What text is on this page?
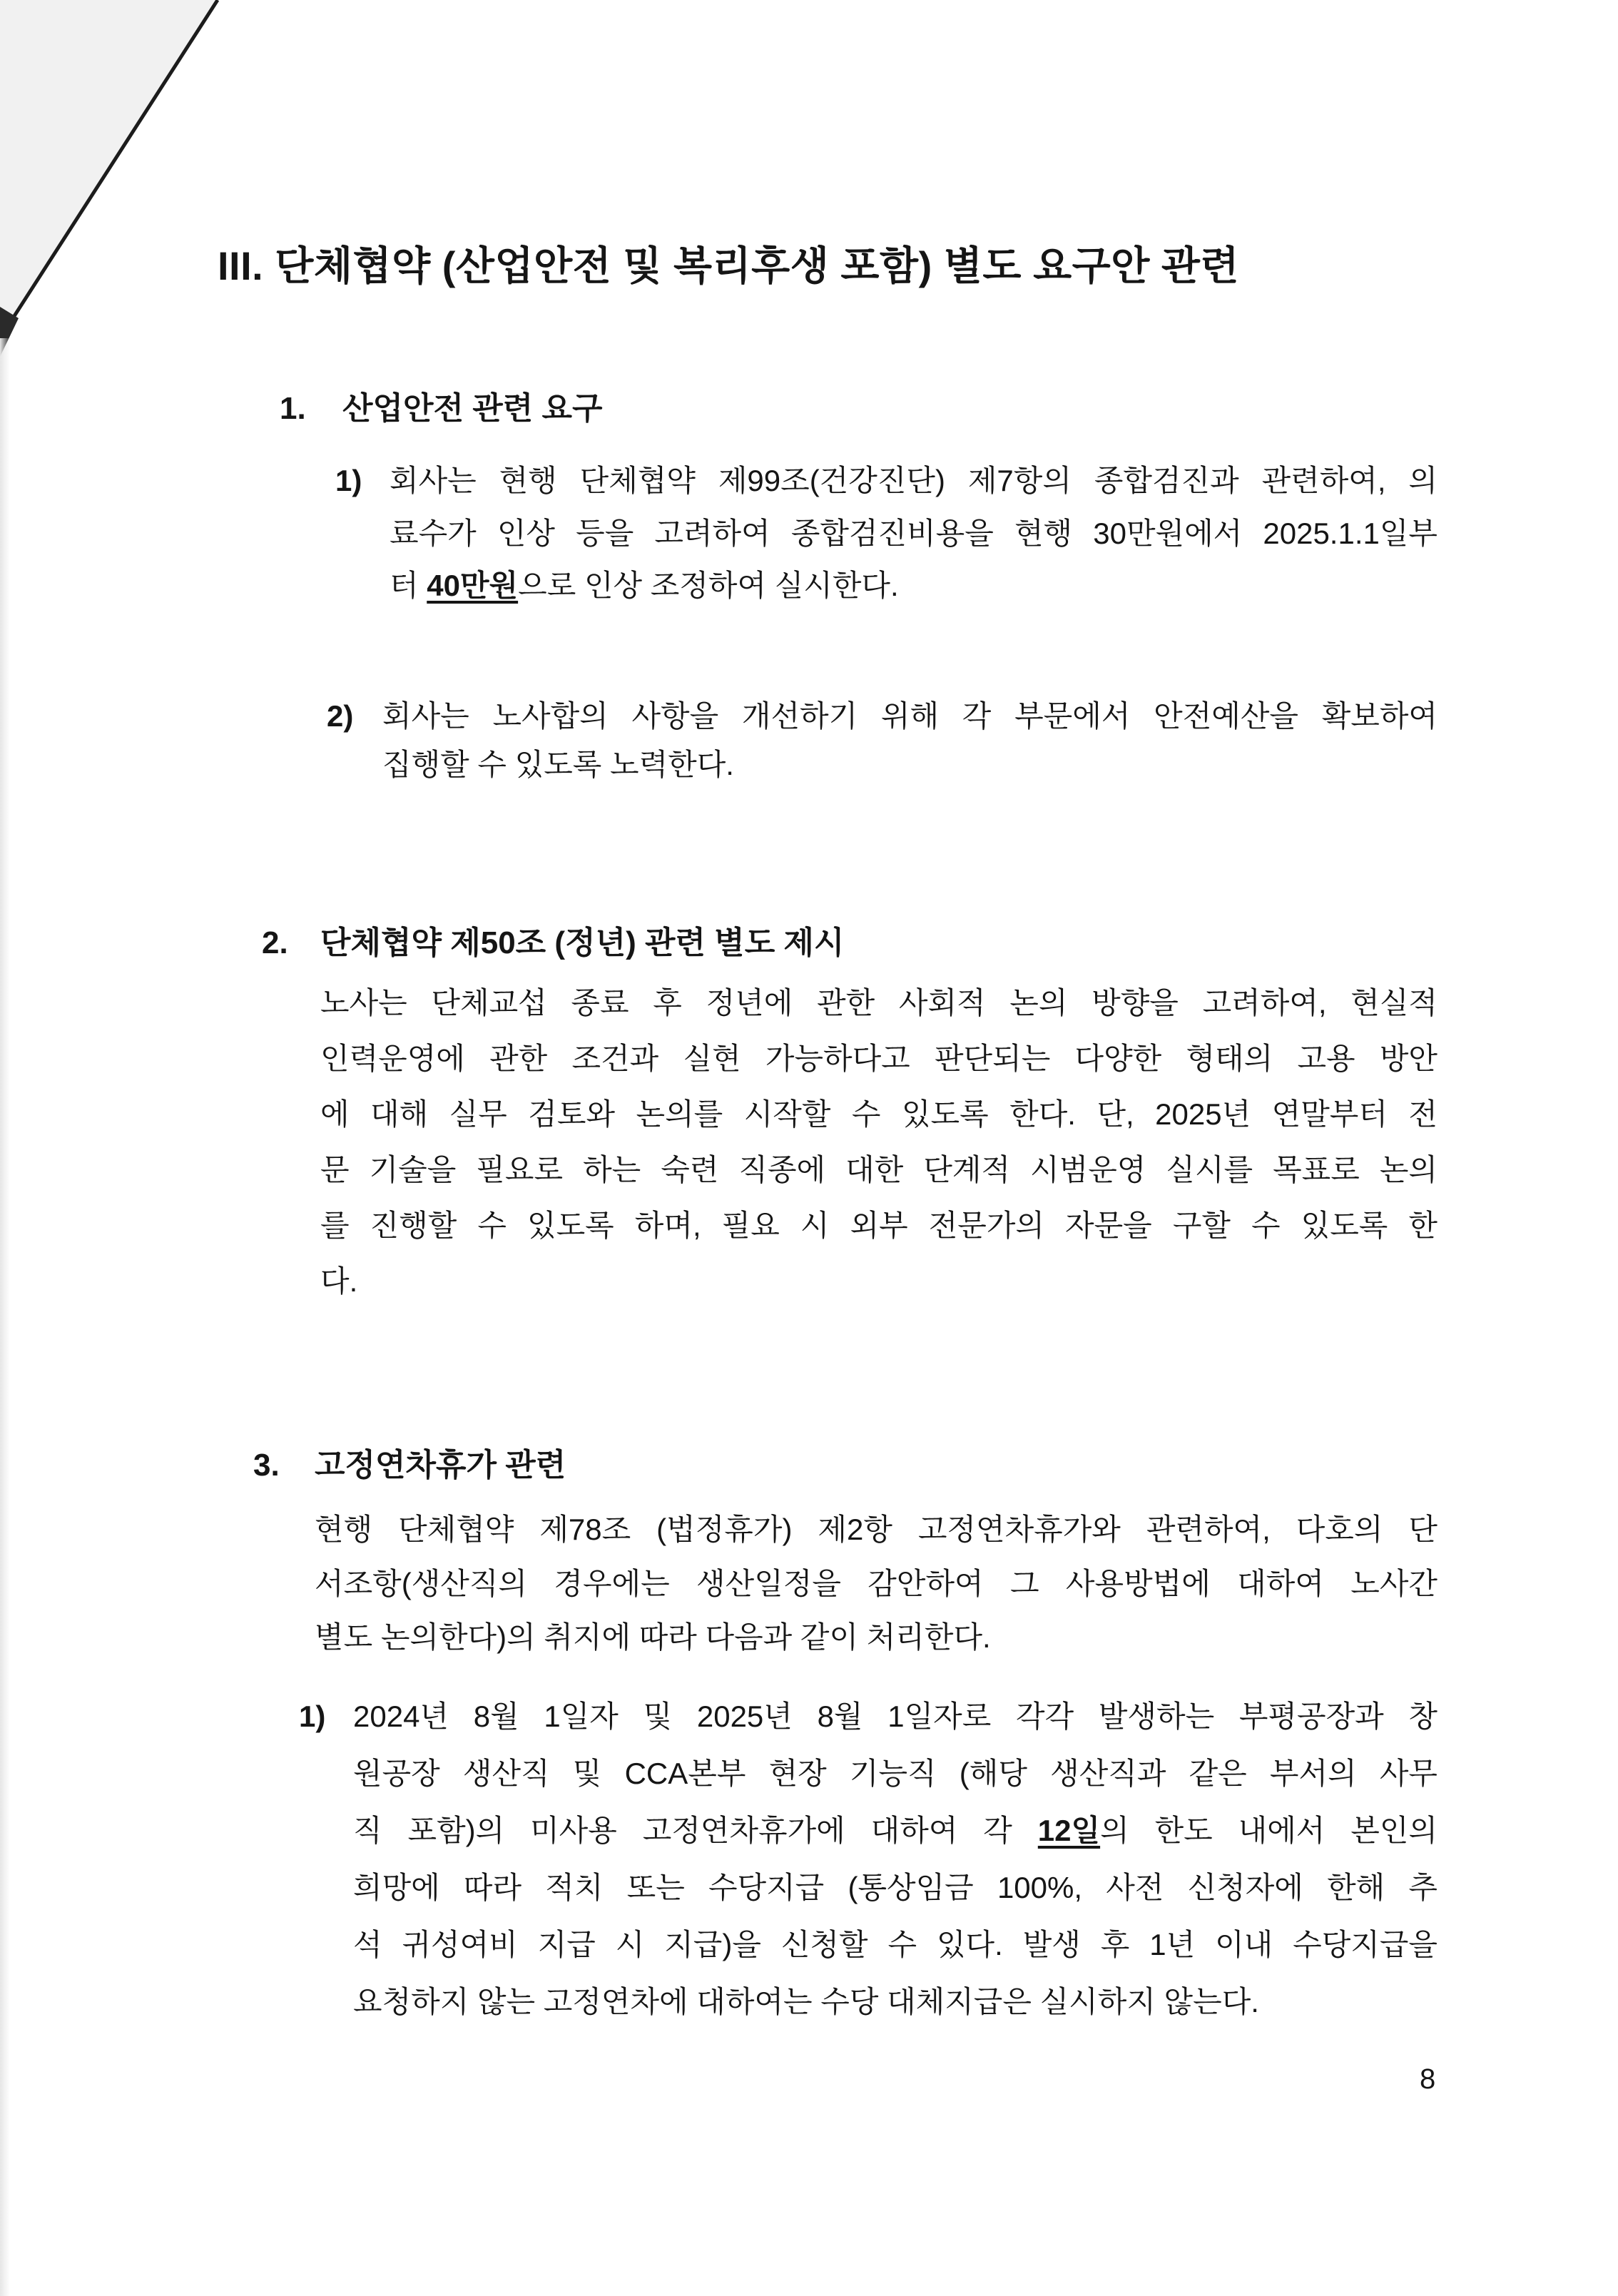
III. 단체협약 (산업안전 및 복리후생 포함) 별도 요구안 관련
1. 산업안전 관련 요구
1) 회사는 현행 단체협약 제99조(건강진단) 제7항의 종합검진과 관련하여, 의
료수가 인상 등을 고려하여 종합검진비용을 현행 30만원에서 2025.1.1일부
터 40만원으로 인상 조정하여 실시한다.
2) 회사는 노사합의 사항을 개선하기 위해 각 부문에서 안전예산을 확보하여
집행할 수 있도록 노력한다.
2. 단체협약 제50조 (정년) 관련 별도 제시
노사는 단체교섭 종료 후 정년에 관한 사회적 논의 방향을 고려하여, 현실적
인력운영에 관한 조건과 실현 가능하다고 판단되는 다양한 형태의 고용 방안
에 대해 실무 검토와 논의를 시작할 수 있도록 한다. 단, 2025년 연말부터 전
문 기술을 필요로 하는 숙련 직종에 대한 단계적 시범운영 실시를 목표로 논의
를 진행할 수 있도록 하며, 필요 시 외부 전문가의 자문을 구할 수 있도록 한
다.
3. 고정연차휴가 관련
현행 단체협약 제78조 (법정휴가) 제2항 고정연차휴가와 관련하여, 다호의 단
서조항(생산직의 경우에는 생산일정을 감안하여 그 사용방법에 대하여 노사간
별도 논의한다)의 취지에 따라 다음과 같이 처리한다.
1) 2024년 8월 1일자 및 2025년 8월 1일자로 각각 발생하는 부평공장과 창
원공장 생산직 및 CCA본부 현장 기능직 (해당 생산직과 같은 부서의 사무
직 포함)의 미사용 고정연차휴가에 대하여 각 12일의 한도 내에서 본인의
희망에 따라 적치 또는 수당지급 (통상임금 100%, 사전 신청자에 한해 추
석 귀성여비 지급 시 지급)을 신청할 수 있다. 발생 후 1년 이내 수당지급을
요청하지 않는 고정연차에 대하여는 수당 대체지급은 실시하지 않는다.
8
